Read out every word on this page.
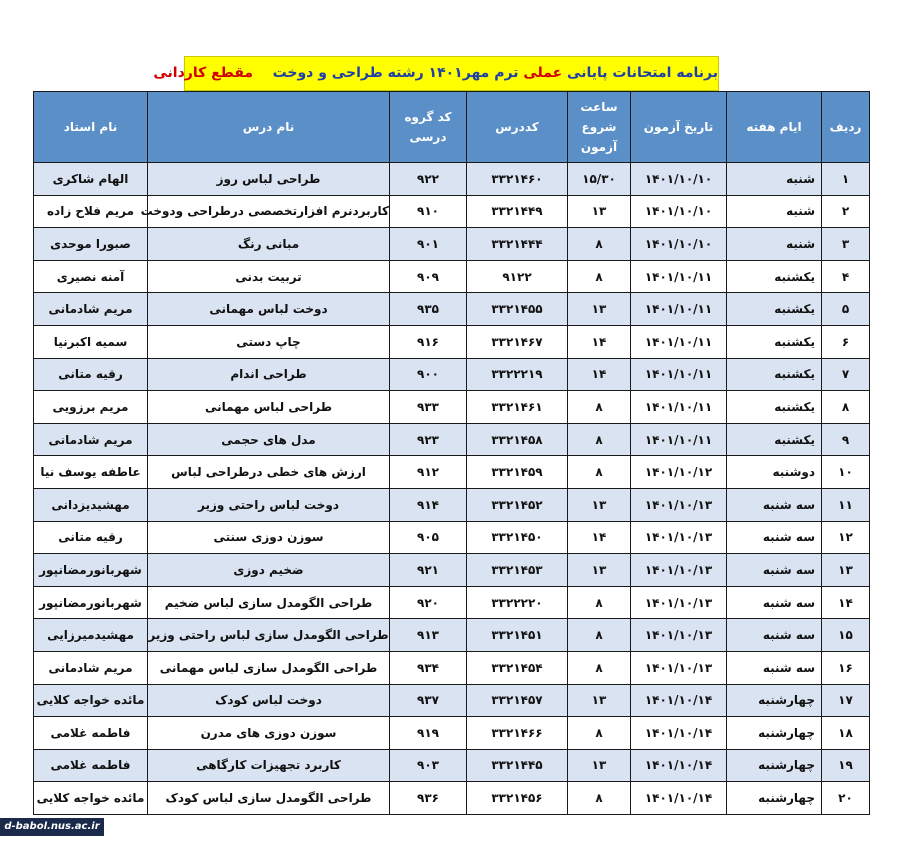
برنامه امتحانات پایانی عملی ترم مهر۱۴۰۱ رشته طراحی و دوخت    مقطع کاردانی
ردیف	ایام هفته	تاریخ آزمون	ساعت شروع آزمون	کددرس	کد گروه درسی	نام درس	نام استاد
۱	شنبه	۱۴۰۱/۱۰/۱۰	۱۵/۳۰	۳۳۲۱۴۶۰	۹۲۲	طراحی لباس روز	الهام شاکری
۲	شنبه	۱۴۰۱/۱۰/۱۰	۱۳	۳۳۲۱۴۴۹	۹۱۰	کاربردنرم افزارتخصصی درطراحی ودوخت	مریم فلاح زاده
۳	شنبه	۱۴۰۱/۱۰/۱۰	۸	۳۳۲۱۴۴۴	۹۰۱	مبانی رنگ	صبورا موحدی
۴	یکشنبه	۱۴۰۱/۱۰/۱۱	۸	۹۱۲۲	۹۰۹	تربیت بدنی	آمنه نصیری
۵	یکشنبه	۱۴۰۱/۱۰/۱۱	۱۳	۳۳۲۱۴۵۵	۹۳۵	دوخت لباس مهمانی	مریم شادمانی
۶	یکشنبه	۱۴۰۱/۱۰/۱۱	۱۴	۳۳۲۱۴۶۷	۹۱۶	چاپ دستی	سمیه اکبرنیا
۷	یکشنبه	۱۴۰۱/۱۰/۱۱	۱۴	۳۳۲۲۲۱۹	۹۰۰	طراحی اندام	رقیه متانی
۸	یکشنبه	۱۴۰۱/۱۰/۱۱	۸	۳۳۲۱۴۶۱	۹۳۳	طراحی لباس مهمانی	مریم برزویی
۹	یکشنبه	۱۴۰۱/۱۰/۱۱	۸	۳۳۲۱۴۵۸	۹۲۳	مدل های حجمی	مریم شادمانی
۱۰	دوشنبه	۱۴۰۱/۱۰/۱۲	۸	۳۳۲۱۴۵۹	۹۱۲	ارزش های خطی درطراحی لباس	عاطفه یوسف نیا
۱۱	سه شنبه	۱۴۰۱/۱۰/۱۳	۱۳	۳۳۲۱۴۵۲	۹۱۴	دوخت لباس راحتی وزیر	مهشیدیزدانی
۱۲	سه شنبه	۱۴۰۱/۱۰/۱۳	۱۴	۳۳۲۱۴۵۰	۹۰۵	سوزن دوزی سنتی	رقیه متانی
۱۳	سه شنبه	۱۴۰۱/۱۰/۱۳	۱۳	۳۳۲۱۴۵۳	۹۲۱	ضخیم دوزی	شهربانورمضانپور
۱۴	سه شنبه	۱۴۰۱/۱۰/۱۳	۸	۳۳۲۲۲۲۰	۹۲۰	طراحی الگومدل سازی لباس ضخیم	شهربانورمضانپور
۱۵	سه شنبه	۱۴۰۱/۱۰/۱۳	۸	۳۳۲۱۴۵۱	۹۱۳	طراحی الگومدل سازی لباس راحتی وزیر	مهشیدمیرزایی
۱۶	سه شنبه	۱۴۰۱/۱۰/۱۳	۸	۳۳۲۱۴۵۴	۹۳۴	طراحی الگومدل سازی لباس مهمانی	مریم شادمانی
۱۷	چهارشنبه	۱۴۰۱/۱۰/۱۴	۱۳	۳۳۲۱۴۵۷	۹۳۷	دوخت لباس کودک	مائده خواجه کلایی
۱۸	چهارشنبه	۱۴۰۱/۱۰/۱۴	۸	۳۳۲۱۴۶۶	۹۱۹	سوزن دوزی های مدرن	فاطمه غلامی
۱۹	چهارشنبه	۱۴۰۱/۱۰/۱۴	۱۳	۳۳۲۱۴۴۵	۹۰۳	کاربرد تجهیزات کارگاهی	فاطمه غلامی
۲۰	چهارشنبه	۱۴۰۱/۱۰/۱۴	۸	۳۳۲۱۴۵۶	۹۳۶	طراحی الگومدل سازی لباس کودک	مائده خواجه کلایی
d-babol.nus.ac.ir
